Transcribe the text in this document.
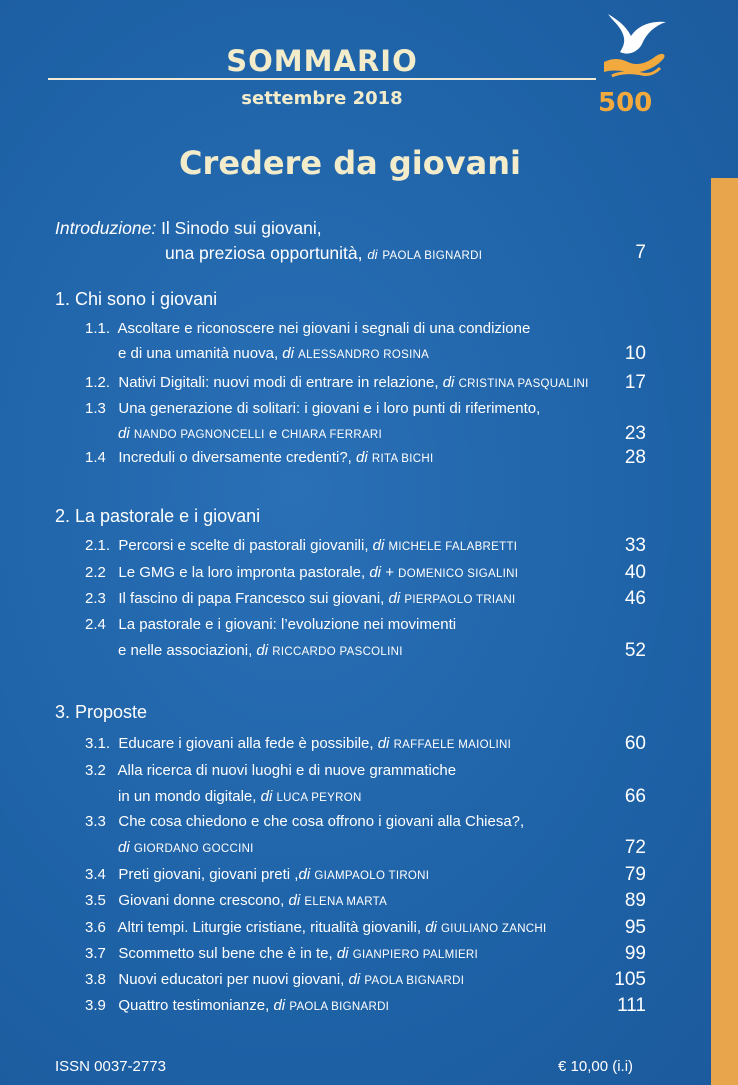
SOMMARIO
settembre 2018	500
Credere da giovani
Introduzione: Il Sinodo sui giovani,
una preziosa opportunità, di PAOLA BIGNARDI	7
1. Chi sono i giovani
1.1. Ascoltare e riconoscere nei giovani i segnali di una condizione
e di una umanità nuova, di ALESSANDRO ROSINA	10
1.2. Nativi Digitali: nuovi modi di entrare in relazione, di CRISTINA PASQUALINI 17
1.3 Una generazione di solitari: i giovani e i loro punti di riferimento,
di NANDO PAGNONCELLI e CHIARA FERRARI	23
1.4 Increduli o diversamente credenti?, di RITA BICHI	28
2. La pastorale e i giovani
2.1. Percorsi e scelte di pastorali giovanili, di MICHELE FALABRETTI	33
2.2 Le GMG e la loro impronta pastorale, di + DOMENICO SIGALINI	40
2.3 Il fascino di papa Francesco sui giovani, di PIERPAOLO TRIANI	46
2.4 La pastorale e i giovani: l’evoluzione nei movimenti
e nelle associazioni, di RICCARDO PASCOLINI	52
3. Proposte
3.1. Educare i giovani alla fede è possibile, di RAFFAELE MAIOLINI	60
3.2 Alla ricerca di nuovi luoghi e di nuove grammatiche
in un mondo digitale, di LUCA PEYRON	66
3.3 Che cosa chiedono e che cosa offrono i giovani alla Chiesa?,
di GIORDANO GOCCINI	72
3.4 Preti giovani, giovani preti ,di GIAMPAOLO TIRONI	79
3.5 Giovani donne crescono, di ELENA MARTA	89
3.6 Altri tempi. Liturgie cristiane, ritualità giovanili, di GIULIANO ZANCHI	95
3.7 Scommetto sul bene che è in te, di GIANPIERO PALMIERI	99
3.8 Nuovi educatori per nuovi giovani, di PAOLA BIGNARDI	105
3.9 Quattro testimonianze, di PAOLA BIGNARDI	111
ISSN 0037-2773	€ 10,00 (i.i)
